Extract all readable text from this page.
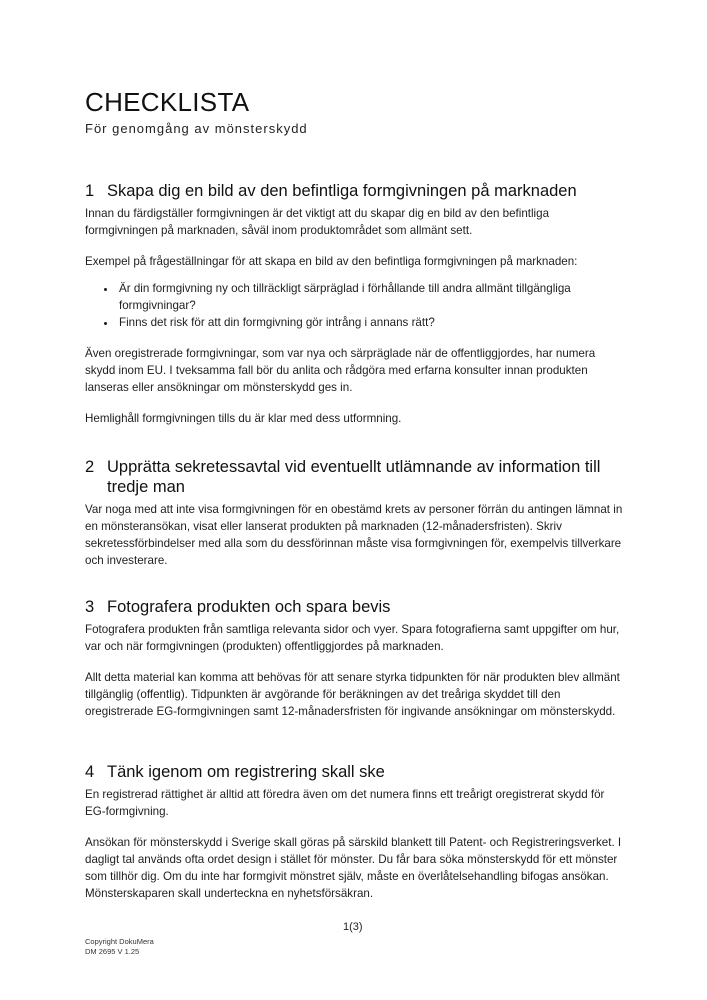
CHECKLISTA
För genomgång av mönsterskydd
1 Skapa dig en bild av den befintliga formgivningen på marknaden

Innan du färdigställer formgivningen är det viktigt att du skapar dig en bild av den befintliga formgivningen på marknaden, såväl inom produktområdet som allmänt sett.

Exempel på frågeställningar för att skapa en bild av den befintliga formgivningen på marknaden:

• Är din formgivning ny och tillräckligt särpräglad i förhållande till andra allmänt tillgängliga formgivningar?
• Finns det risk för att din formgivning gör intrång i annans rätt?

Även oregistrerade formgivningar, som var nya och särpräglade när de offentliggjordes, har numera skydd inom EU. I tveksamma fall bör du anlita och rådgöra med erfarna konsulter innan produkten lanseras eller ansökningar om mönsterskydd ges in.

Hemlighåll formgivningen tills du är klar med dess utformning.

2 Upprätta sekretessavtal vid eventuellt utlämnande av information till tredje man

Var noga med att inte visa formgivningen för en obestämd krets av personer förrän du antingen lämnat in en mönsteransökan, visat eller lanserat produkten på marknaden (12-månadersfristen). Skriv sekretessförbindelser med alla som du dessförinnan måste visa formgivningen för, exempelvis tillverkare och investerare.

3 Fotografera produkten och spara bevis

Fotografera produkten från samtliga relevanta sidor och vyer. Spara fotografierna samt uppgifter om hur, var och när formgivningen (produkten) offentliggjordes på marknaden.

Allt detta material kan komma att behövas för att senare styrka tidpunkten för när produkten blev allmänt tillgänglig (offentlig). Tidpunkten är avgörande för beräkningen av det treåriga skyddet till den oregistrerade EG-formgivningen samt 12-månadersfristen för ingivande ansökningar om mönsterskydd.

4 Tänk igenom om registrering skall ske

En registrerad rättighet är alltid att föredra även om det numera finns ett treårigt oregistrerat skydd för EG-formgivning.

Ansökan för mönsterskydd i Sverige skall göras på särskild blankett till Patent- och Registreringsverket. I dagligt tal används ofta ordet design i stället för mönster. Du får bara söka mönsterskydd för ett mönster som tillhör dig. Om du inte har formgivit mönstret själv, måste en överlåtelsehandling bifogas ansökan. Mönsterskaparen skall underteckna en nyhetsförsäkran.

1(3)
Copyright DokuMera
DM 2695 V 1.25
